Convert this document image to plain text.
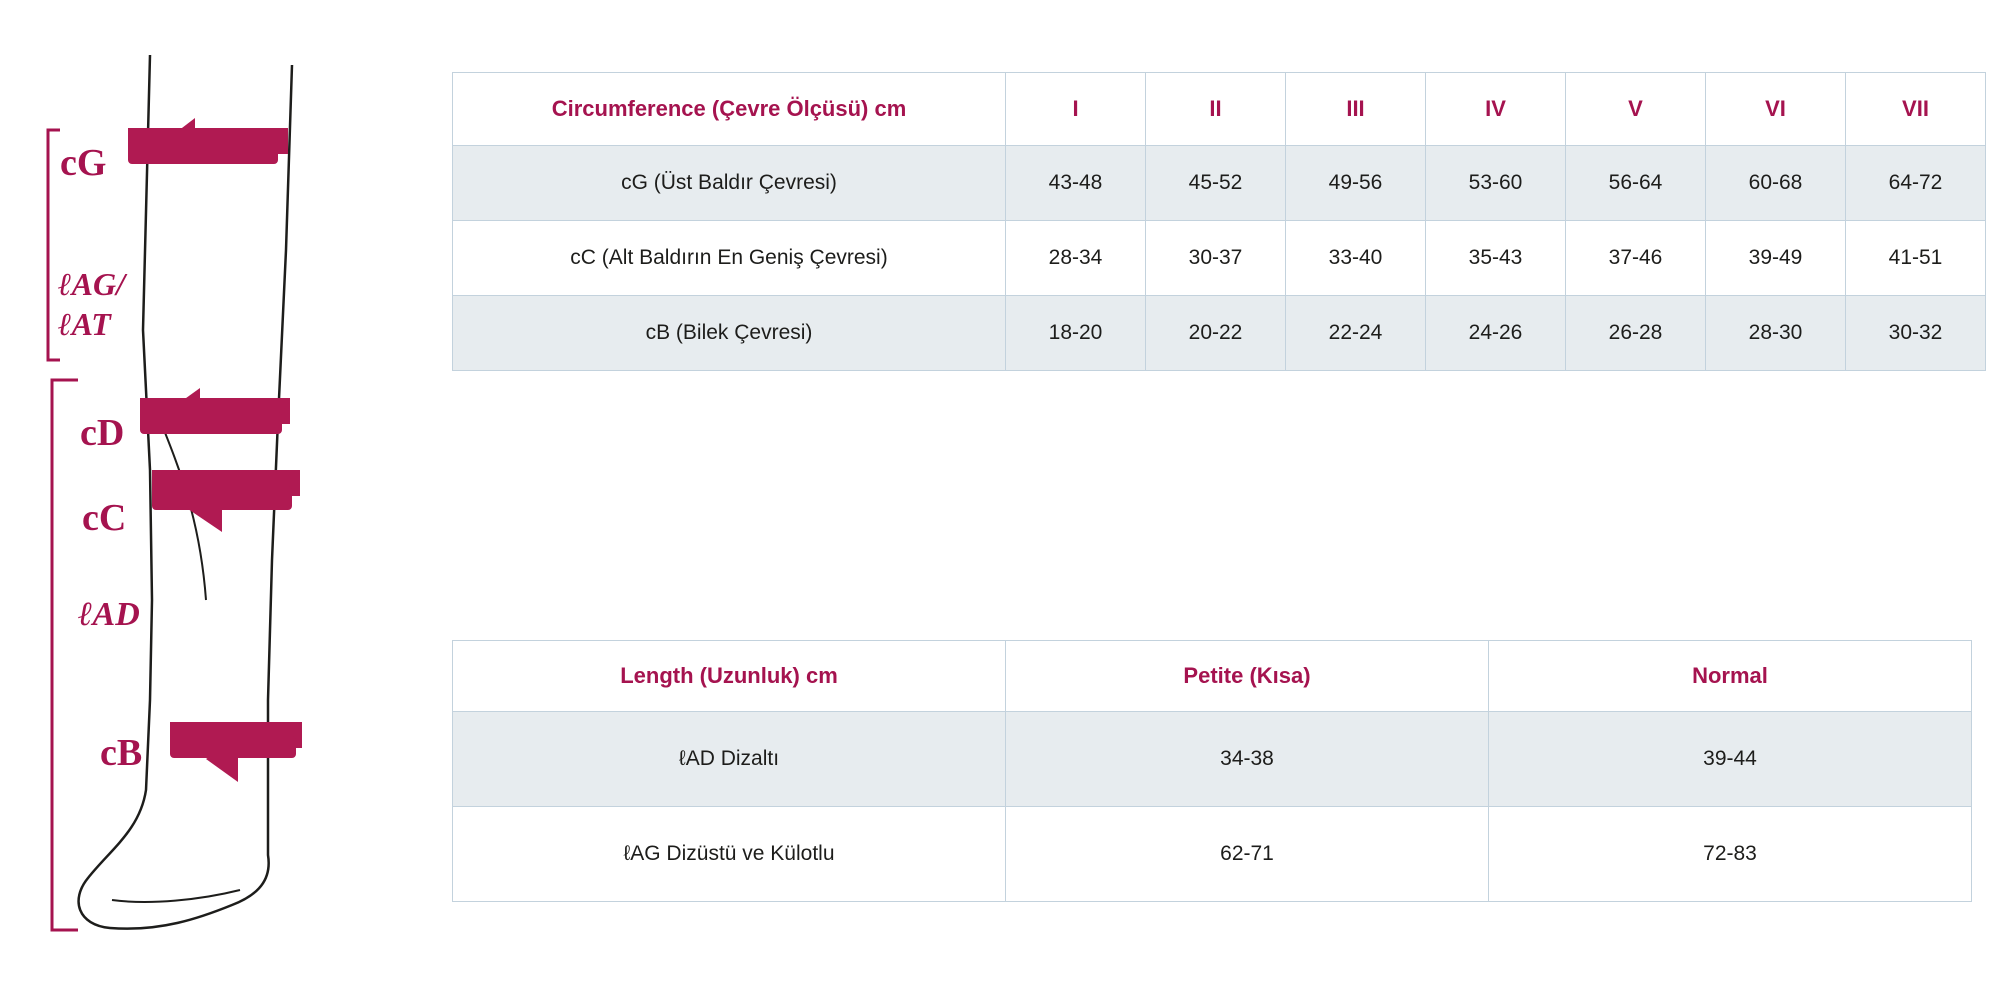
cG
ℓAG/
ℓAT
cD
cC
ℓAD
cB
Circumference (Çevre Ölçüsü) cm	I	II	III	IV	V	VI	VII
cG (Üst Baldır Çevresi)	43-48	45-52	49-56	53-60	56-64	60-68	64-72
cC (Alt Baldırın En Geniş Çevresi)	28-34	30-37	33-40	35-43	37-46	39-49	41-51
cB (Bilek Çevresi)	18-20	20-22	22-24	24-26	26-28	28-30	30-32
Length (Uzunluk) cm	Petite (Kısa)	Normal
ℓAD Dizaltı	34-38	39-44
ℓAG Dizüstü ve Külotlu	62-71	72-83
